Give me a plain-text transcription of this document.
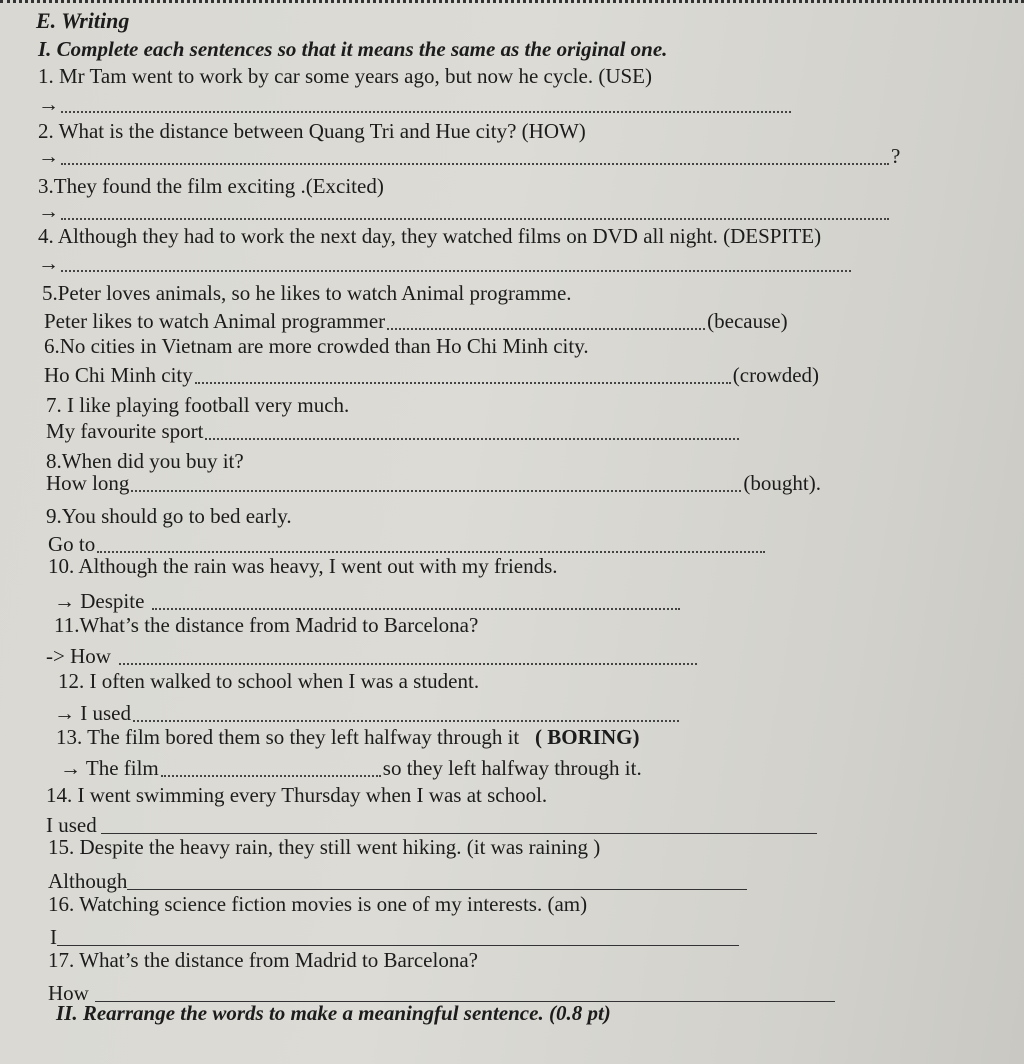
E. Writing
I. Complete each sentences so that it means the same as the original one.
1. Mr Tam went to work by car some years ago, but now he cycle. (USE)
→
2. What is the distance between Quang Tri and Hue city? (HOW)
→	?
3.They found the film exciting .(Excited)
→
4. Although they had to work the next day, they watched films on DVD all night. (DESPITE)
→
5.Peter loves animals, so he likes to watch Animal programme.
Peter likes to watch Animal programmer	(because)
6.No cities in Vietnam are more crowded than Ho Chi Minh city.
Ho Chi Minh city	(crowded)
7. I like playing football very much.
My favourite sport
8.When did you buy it?
How long	(bought).
9.You should go to bed early.
Go to
10. Although the rain was heavy, I went out with my friends.
→ Despite
11.What’s the distance from Madrid to Barcelona?
-> How
12. I often walked to school when I was a student.
→ I used
13. The film bored them so they left halfway through it ( BORING)
→ The film	so they left halfway through it.
14. I went swimming every Thursday when I was at school.
I used
15. Despite the heavy rain, they still went hiking. (it was raining )
Although
16. Watching science fiction movies is one of my interests. (am)
I
17. What’s the distance from Madrid to Barcelona?
How
II. Rearrange the words to make a meaningful sentence. (0.8 pt)
